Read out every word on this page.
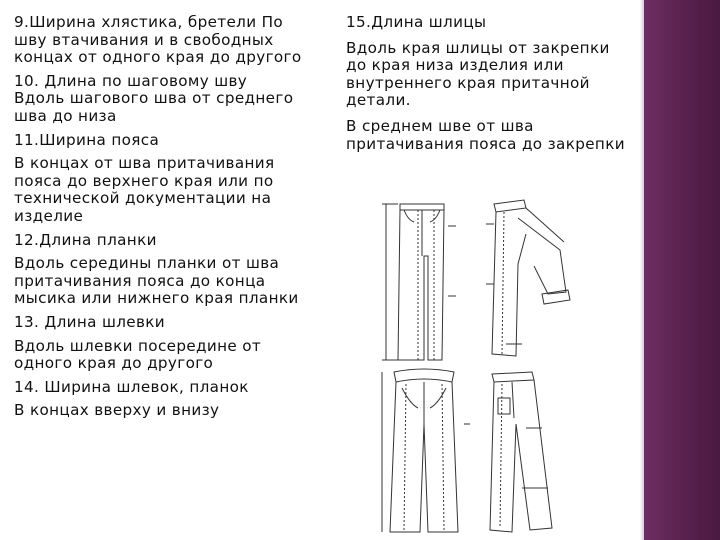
9.Ширина хлястика, бретели По
шву втачивания и в свободных
концах от одного края до другого

10. Длина по шаговому шву

Вдоль шагового шва от среднего
шва до низа

11.Ширина пояса

В концах от шва притачивания
пояса до верхнего края или по
технической документации на
изделие

12.Длина планки

Вдоль середины планки от шва
притачивания пояса до конца
мысика или нижнего края планки

13. Длина шлевки

Вдоль шлевки посередине от
одного края до другого

14. Ширина шлевок, планок

В концах вверху и внизу

15.Длина шлицы

Вдоль края шлицы от закрепки
до края низа изделия или
внутреннего края притачной
детали.

В среднем шве от шва
притачивания пояса до закрепки
